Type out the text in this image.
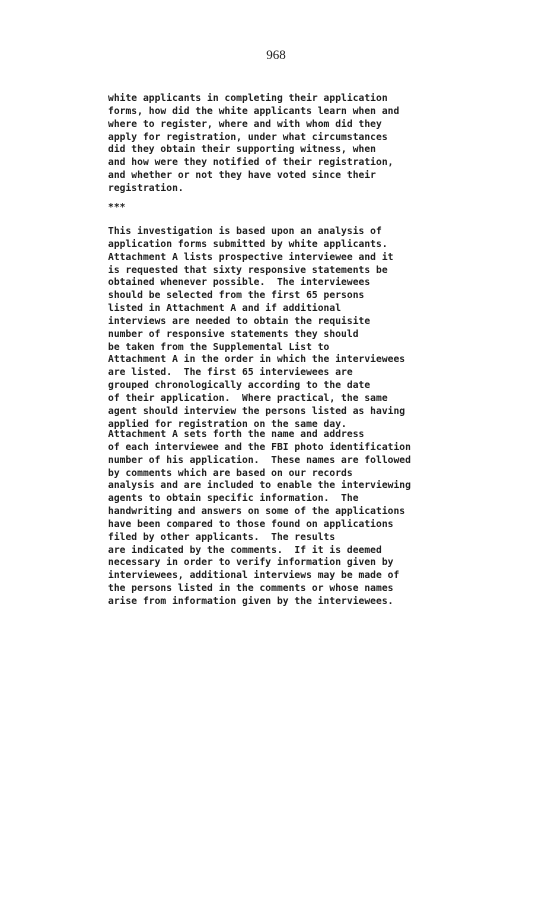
968
white applicants in completing their application
forms, how did the white applicants learn when and
where to register, where and with whom did they
apply for registration, under what circumstances
did they obtain their supporting witness, when
and how were they notified of their registration,
and whether or not they have voted since their
registration.
***
This investigation is based upon an analysis of
application forms submitted by white applicants.
Attachment A lists prospective interviewee and it
is requested that sixty responsive statements be
obtained whenever possible.  The interviewees
should be selected from the first 65 persons
listed in Attachment A and if additional
interviews are needed to obtain the requisite
number of responsive statements they should
be taken from the Supplemental List to
Attachment A in the order in which the interviewees
are listed.  The first 65 interviewees are
grouped chronologically according to the date
of their application.  Where practical, the same
agent should interview the persons listed as having
applied for registration on the same day.
Attachment A sets forth the name and address
of each interviewee and the FBI photo identification
number of his application.  These names are followed
by comments which are based on our records
analysis and are included to enable the interviewing
agents to obtain specific information.  The
handwriting and answers on some of the applications
have been compared to those found on applications
filed by other applicants.  The results
are indicated by the comments.  If it is deemed
necessary in order to verify information given by
interviewees, additional interviews may be made of
the persons listed in the comments or whose names
arise from information given by the interviewees.
